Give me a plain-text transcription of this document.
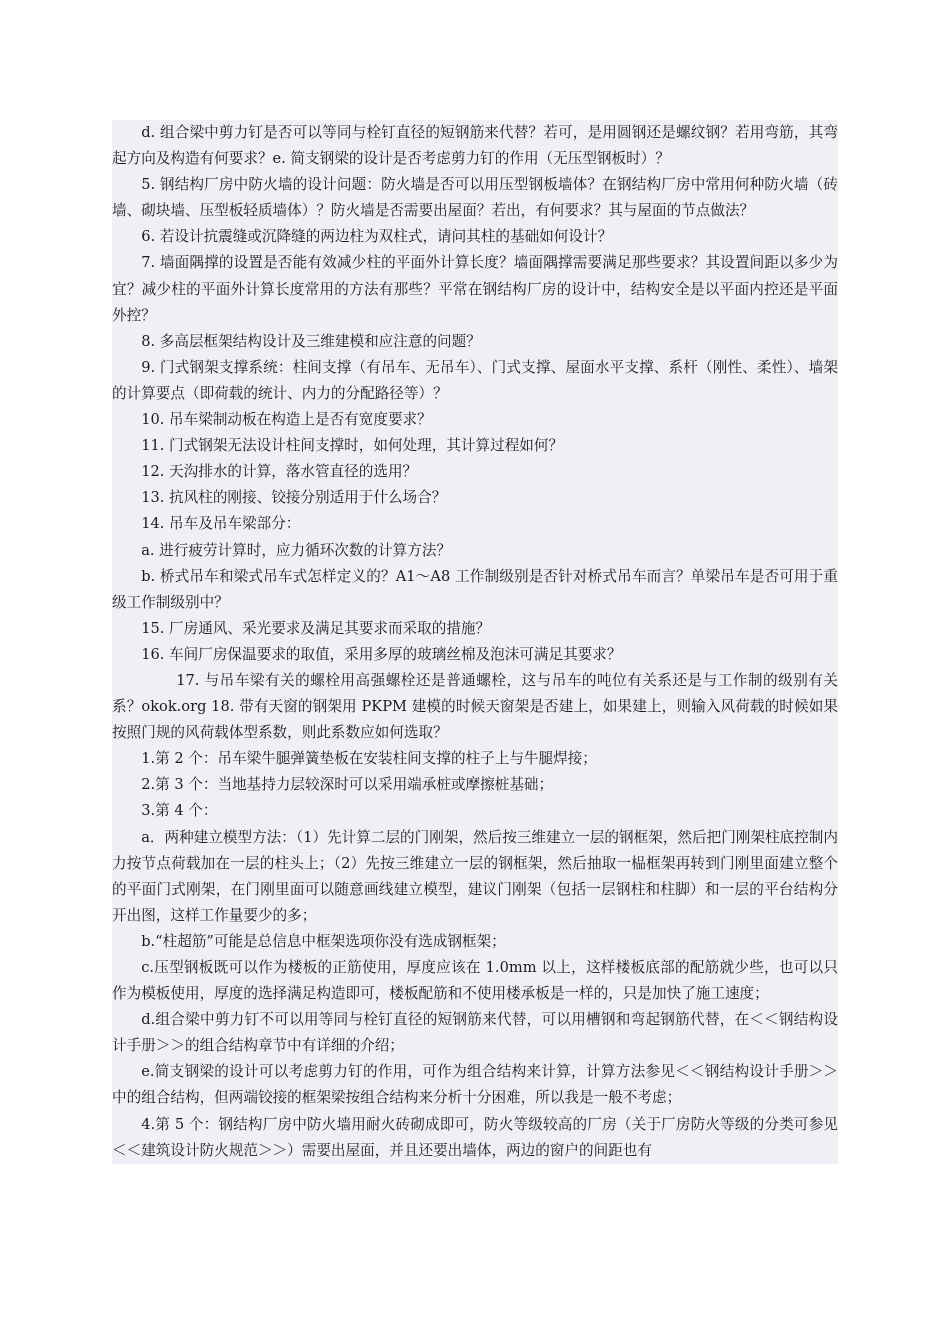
d. 组合梁中剪力钉是否可以等同与栓钉直径的短钢筋来代替？若可，是用圆钢还是螺纹钢？若用弯筋，其弯起方向及构造有何要求？e. 简支钢梁的设计是否考虑剪力钉的作用（无压型钢板时）？

5. 钢结构厂房中防火墙的设计问题：防火墙是否可以用压型钢板墙体？在钢结构厂房中常用何种防火墙（砖墙、砌块墙、压型板轻质墙体）？防火墙是否需要出屋面？若出，有何要求？其与屋面的节点做法？

6. 若设计抗震缝或沉降缝的两边柱为双柱式，请问其柱的基础如何设计？

7. 墙面隅撑的设置是否能有效减少柱的平面外计算长度？墙面隅撑需要满足那些要求？其设置间距以多少为宜？减少柱的平面外计算长度常用的方法有那些？平常在钢结构厂房的设计中，结构安全是以平面内控还是平面外控？

8. 多高层框架结构设计及三维建模和应注意的问题？

9. 门式钢架支撑系统：柱间支撑（有吊车、无吊车）、门式支撑、屋面水平支撑、系杆（刚性、柔性）、墙架的计算要点（即荷载的统计、内力的分配路径等）？

10. 吊车梁制动板在构造上是否有宽度要求？

11. 门式钢架无法设计柱间支撑时，如何处理，其计算过程如何？

12. 天沟排水的计算，落水管直径的选用？

13. 抗风柱的刚接、铰接分别适用于什么场合？

14. 吊车及吊车梁部分：

a. 进行疲劳计算时，应力循环次数的计算方法？

b. 桥式吊车和梁式吊车式怎样定义的？A1～A8 工作制级别是否针对桥式吊车而言？单梁吊车是否可用于重级工作制级别中？

15. 厂房通风、采光要求及满足其要求而采取的措施？

16. 车间厂房保温要求的取值，采用多厚的玻璃丝棉及泡沫可满足其要求？

17. 与吊车梁有关的螺栓用高强螺栓还是普通螺栓，这与吊车的吨位有关系还是与工作制的级别有关系？okok.org 18. 带有天窗的钢架用 PKPM 建模的时候天窗架是否建上，如果建上，则输入风荷载的时候如果按照门规的风荷载体型系数，则此系数应如何选取？

1.第 2 个：吊车梁牛腿弹簧垫板在安装柱间支撑的柱子上与牛腿焊接；

2.第 3 个：当地基持力层较深时可以采用端承桩或摩擦桩基础；

3.第 4 个：

a．两种建立模型方法：（1）先计算二层的门刚架，然后按三维建立一层的钢框架，然后把门刚架柱底控制内力按节点荷载加在一层的柱头上；（2）先按三维建立一层的钢框架，然后抽取一榀框架再转到门刚里面建立整个的平面门式刚架，在门刚里面可以随意画线建立模型，建议门刚架（包括一层钢柱和柱脚）和一层的平台结构分开出图，这样工作量要少的多；

b.“柱超筋”可能是总信息中框架选项你没有选成钢框架；

c.压型钢板既可以作为楼板的正筋使用，厚度应该在 1.0mm 以上，这样楼板底部的配筋就少些，也可以只作为模板使用，厚度的选择满足构造即可，楼板配筋和不使用楼承板是一样的，只是加快了施工速度；

d.组合梁中剪力钉不可以用等同与栓钉直径的短钢筋来代替，可以用槽钢和弯起钢筋代替，在＜＜钢结构设计手册＞＞的组合结构章节中有详细的介绍；

e.简支钢梁的设计可以考虑剪力钉的作用，可作为组合结构来计算，计算方法参见＜＜钢结构设计手册＞＞中的组合结构，但两端铰接的框架梁按组合结构来分析十分困难，所以我是一般不考虑；

4.第 5 个：钢结构厂房中防火墙用耐火砖砌成即可，防火等级较高的厂房（关于厂房防火等级的分类可参见＜＜建筑设计防火规范＞＞）需要出屋面，并且还要出墙体，两边的窗户的间距也有
